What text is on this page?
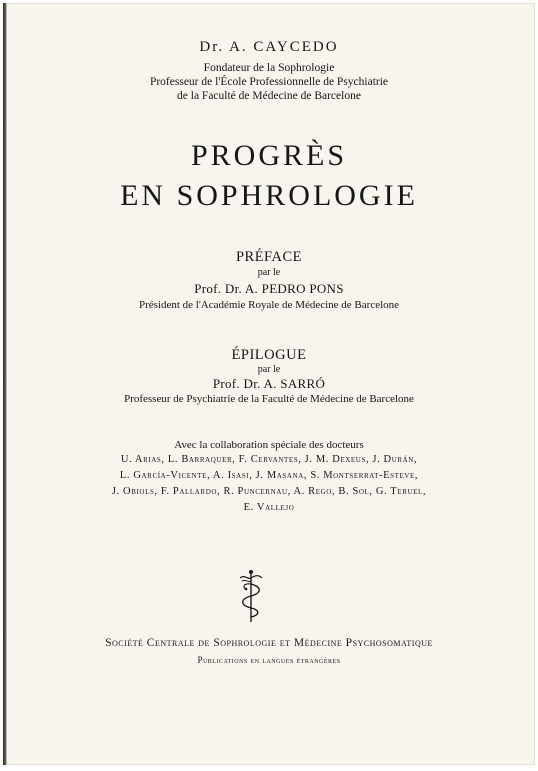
Dr. A. CAYCEDO
Fondateur de la Sophrologie
Professeur de l'École Professionnelle de Psychiatrie
de la Faculté de Médecine de Barcelone
PROGRÈS
EN SOPHROLOGIE
PRÉFACE
par le
Prof. Dr. A. PEDRO PONS
Président de l'Académie Royale de Médecine de Barcelone
ÉPILOGUE
par le
Prof. Dr. A. SARRÓ
Professeur de Psychiatrie de la Faculté de Médecine de Barcelone
Avec la collaboration spéciale des docteurs
U. Arias, L. Barraquer, F. Cervantes, J. M. Dexeus, J. Durán,
L. García-Vicente, A. Isasi, J. Masana, S. Montserrat-Esteve,
J. Obiols, F. Pallardo, R. Puncernau, A. Rego, B. Sol, G. Teruel,
E. Vallejo
Société Centrale de Sophrologie et Médecine Psychosomatique
Publications en langues étrangères
